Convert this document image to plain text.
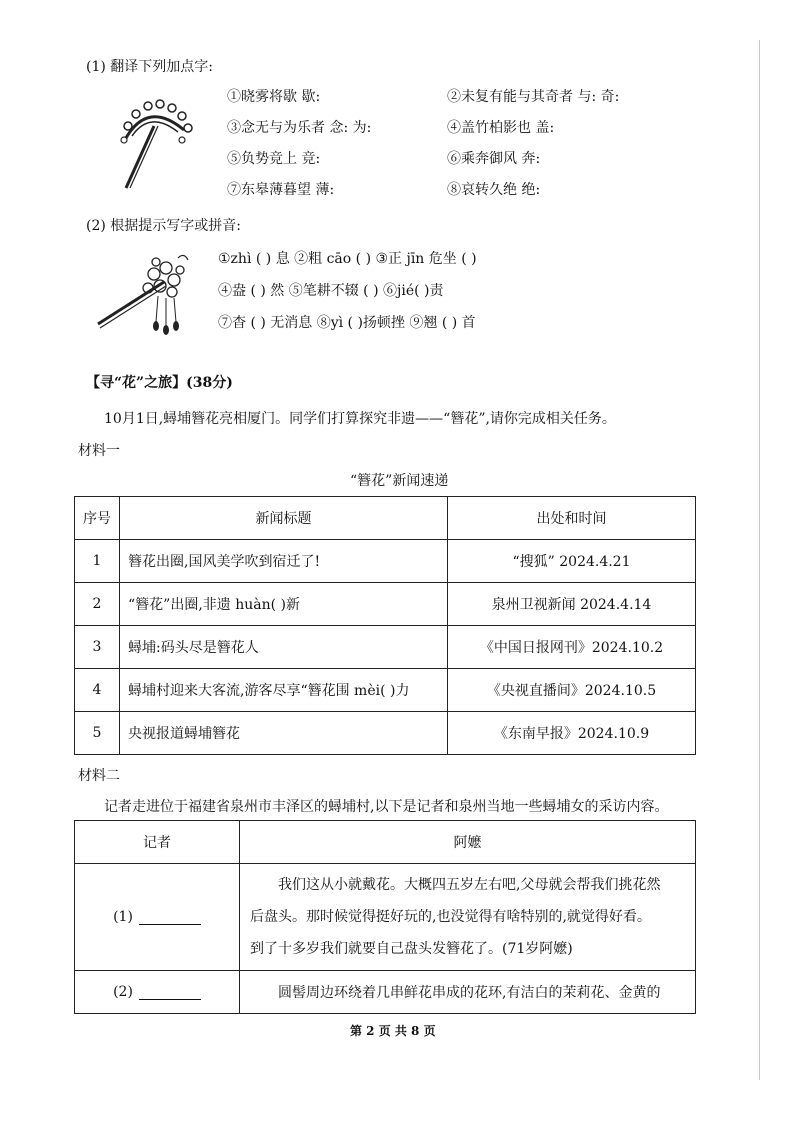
(1) 翻译下列加点字:
①晓雾将歇 歇:	②未复有能与其奇者 与: 奇:
③念无与为乐者 念: 为:	④盖竹柏影也 盖:
⑤负势竞上 竞:	⑥乘奔御风 奔:
⑦东皋薄暮望 薄:	⑧哀转久绝 绝:
(2) 根据提示写字或拼音:
①zhì ( ) 息 ②粗 cāo ( ) ③正 jīn 危坐 ( )
④盎 ( ) 然 ⑤笔耕不辍 ( ) ⑥jié( )责
⑦杳 ( ) 无消息 ⑧yì ( )扬顿挫 ⑨翘 ( ) 首
【寻“花”之旅】(38分)
10月1日,蟳埔簪花亮相厦门。同学们打算探究非遗——“簪花”,请你完成相关任务。
材料一
“簪花”新闻速递
序号	新闻标题	出处和时间
1	簪花出圈,国风美学吹到宿迁了!	“搜狐” 2024.4.21
2	“簪花”出圈,非遗 huàn( )新	泉州卫视新闻 2024.4.14
3	蟳埔:码头尽是簪花人	《中国日报网刊》2024.10.2
4	蟳埔村迎来大客流,游客尽享“簪花围 mèi( )力	《央视直播间》2024.10.5
5	央视报道蟳埔簪花	《东南早报》2024.10.9
材料二
记者走进位于福建省泉州市丰泽区的蟳埔村,以下是记者和泉州当地一些蟳埔女的采访内容。
记者	阿嬷
(1)	我们这从小就戴花。大概四五岁左右吧,父母就会帮我们挑花然
后盘头。那时候觉得挺好玩的,也没觉得有啥特别的,就觉得好看。
到了十多岁我们就要自己盘头发簪花了。(71岁阿嬷)

(2)	圆髻周边环绕着几串鲜花串成的花环,有洁白的茉莉花、金黄的
第 2 页 共 8 页
